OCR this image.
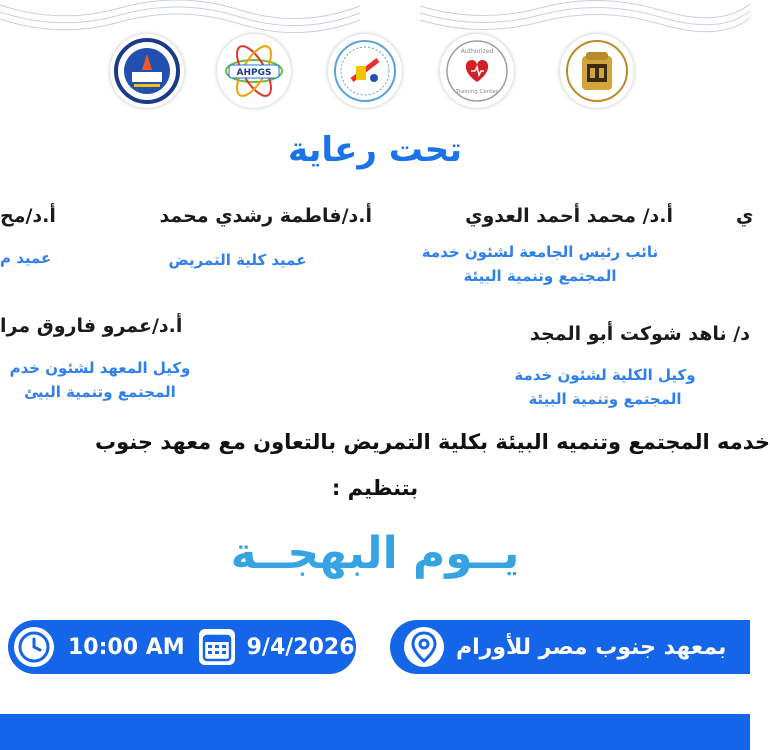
AHPGS
Authorized
Training Center
تحت رعاية
أ.د/ محمد أحمد العدوي
نائب رئيس الجامعة لشئون خدمة
المجتمع وتنمية البيئة
أ.د/فاطمة رشدي محمد
عميد كلية التمريض
أ.د/مح
عميد م
ي
د/ ناهد شوكت أبو المجد
وكيل الكلية لشئون خدمة
المجتمع وتنمية البيئة
أ.د/عمرو فاروق مرا
وكيل المعهد لشئون خدم
المجتمع وتنمية البيئ
خدمه المجتمع وتنميه البيئة بكلية التمريض بالتعاون مع معهد جنوب
بتنظيم :
يــوم البهجــة
10:00 AM	9/4/2026	بمعهد جنوب مصر للأورام
